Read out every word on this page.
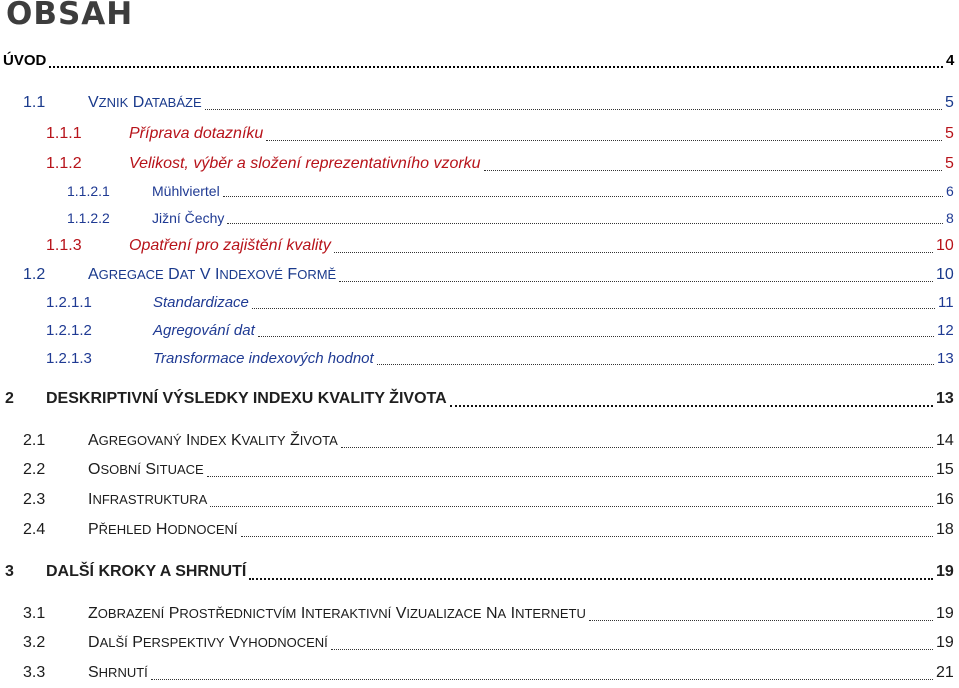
OBSAH
ÚVOD	4
1.1	VZNIK DATABÁZE	5
1.1.1	Příprava dotazníku	5
1.1.2	Velikost, výběr a složení reprezentativního vzorku	5
1.1.2.1	Mühlviertel	6
1.1.2.2	Jižní Čechy	8
1.1.3	Opatření pro zajištění kvality	10
1.2	AGREGACE DAT V INDEXOVÉ FORMĚ	10
1.2.1.1	Standardizace	11
1.2.1.2	Agregování dat	12
1.2.1.3	Transformace indexových hodnot	13
2 DESKRIPTIVNÍ VÝSLEDKY INDEXU KVALITY ŽIVOTA	13
2.1	AGREGOVANÝ INDEX KVALITY ŽIVOTA	14
2.2	OSOBNÍ SITUACE	15
2.3	INFRASTRUKTURA	16
2.4	PŘEHLED HODNOCENÍ	18
3 DALŠÍ KROKY A SHRNUTÍ	19
3.1	ZOBRAZENÍ PROSTŘEDNICTVÍM INTERAKTIVNÍ VIZUALIZACE NA INTERNETU	19
3.2	DALŠÍ PERSPEKTIVY VYHODNOCENÍ	19
3.3	SHRNUTÍ	21
